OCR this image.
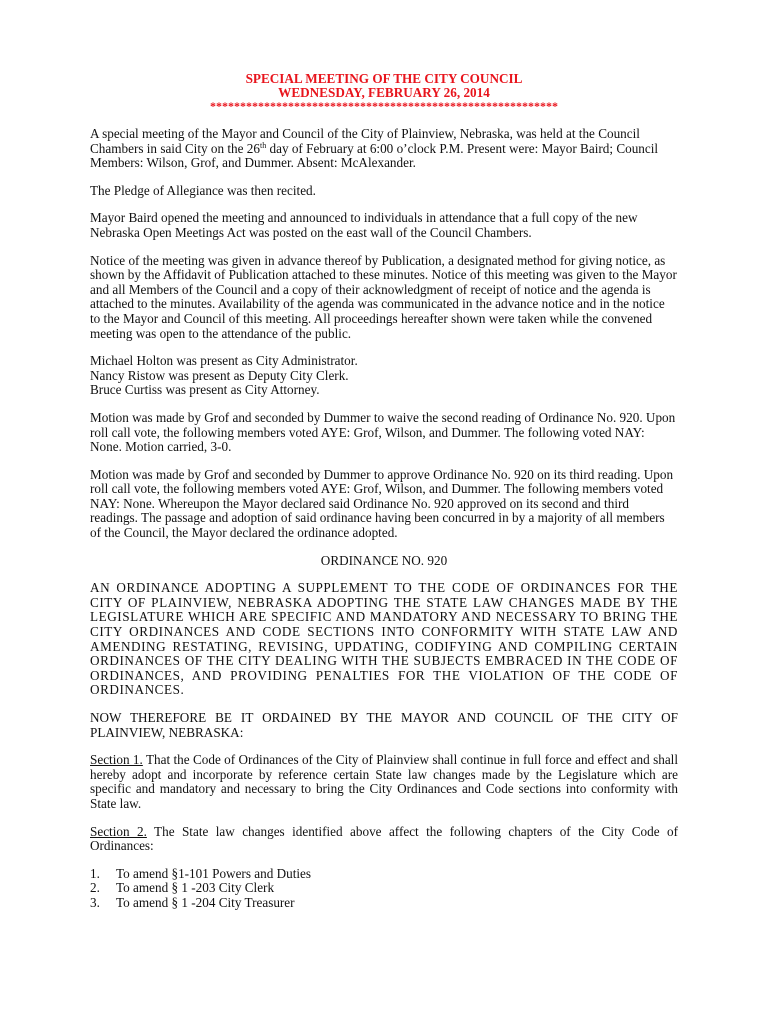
SPECIAL MEETING OF THE CITY COUNCIL
WEDNESDAY, FEBRUARY 26, 2014
**********************************************************

A special meeting of the Mayor and Council of the City of Plainview, Nebraska, was held at the Council Chambers in said City on the 26th day of February at 6:00 o’clock P.M. Present were: Mayor Baird; Council Members: Wilson, Grof, and Dummer. Absent: McAlexander.

The Pledge of Allegiance was then recited.

Mayor Baird opened the meeting and announced to individuals in attendance that a full copy of the new Nebraska Open Meetings Act was posted on the east wall of the Council Chambers.

Notice of the meeting was given in advance thereof by Publication, a designated method for giving notice, as shown by the Affidavit of Publication attached to these minutes. Notice of this meeting was given to the Mayor and all Members of the Council and a copy of their acknowledgment of receipt of notice and the agenda is attached to the minutes. Availability of the agenda was communicated in the advance notice and in the notice to the Mayor and Council of this meeting. All proceedings hereafter shown were taken while the convened meeting was open to the attendance of the public.

Michael Holton was present as City Administrator.
Nancy Ristow was present as Deputy City Clerk.
Bruce Curtiss was present as City Attorney.

Motion was made by Grof and seconded by Dummer to waive the second reading of Ordinance No. 920. Upon roll call vote, the following members voted AYE: Grof, Wilson, and Dummer. The following voted NAY: None. Motion carried, 3-0.

Motion was made by Grof and seconded by Dummer to approve Ordinance No. 920 on its third reading. Upon roll call vote, the following members voted AYE: Grof, Wilson, and Dummer. The following members voted NAY: None. Whereupon the Mayor declared said Ordinance No. 920 approved on its second and third readings. The passage and adoption of said ordinance having been concurred in by a majority of all members of the Council, the Mayor declared the ordinance adopted.

ORDINANCE NO. 920

AN ORDINANCE ADOPTING A SUPPLEMENT TO THE CODE OF ORDINANCES FOR THE CITY OF PLAINVIEW, NEBRASKA ADOPTING THE STATE LAW CHANGES MADE BY THE LEGISLATURE WHICH ARE SPECIFIC AND MANDATORY AND NECESSARY TO BRING THE CITY ORDINANCES AND CODE SECTIONS INTO CONFORMITY WITH STATE LAW AND AMENDING RESTATING, REVISING, UPDATING, CODIFYING AND COMPILING CERTAIN ORDINANCES OF THE CITY DEALING WITH THE SUBJECTS EMBRACED IN THE CODE OF ORDINANCES, AND PROVIDING PENALTIES FOR THE VIOLATION OF THE CODE OF ORDINANCES.

NOW THEREFORE BE IT ORDAINED BY THE MAYOR AND COUNCIL OF THE CITY OF PLAINVIEW, NEBRASKA:

Section 1. That the Code of Ordinances of the City of Plainview shall continue in full force and effect and shall hereby adopt and incorporate by reference certain State law changes made by the Legislature which are specific and mandatory and necessary to bring the City Ordinances and Code sections into conformity with State law.

Section 2. The State law changes identified above affect the following chapters of the City Code of Ordinances:

1.	To amend §1-101 Powers and Duties
2.	To amend § 1 -203 City Clerk
3.	To amend § 1 -204 City Treasurer
